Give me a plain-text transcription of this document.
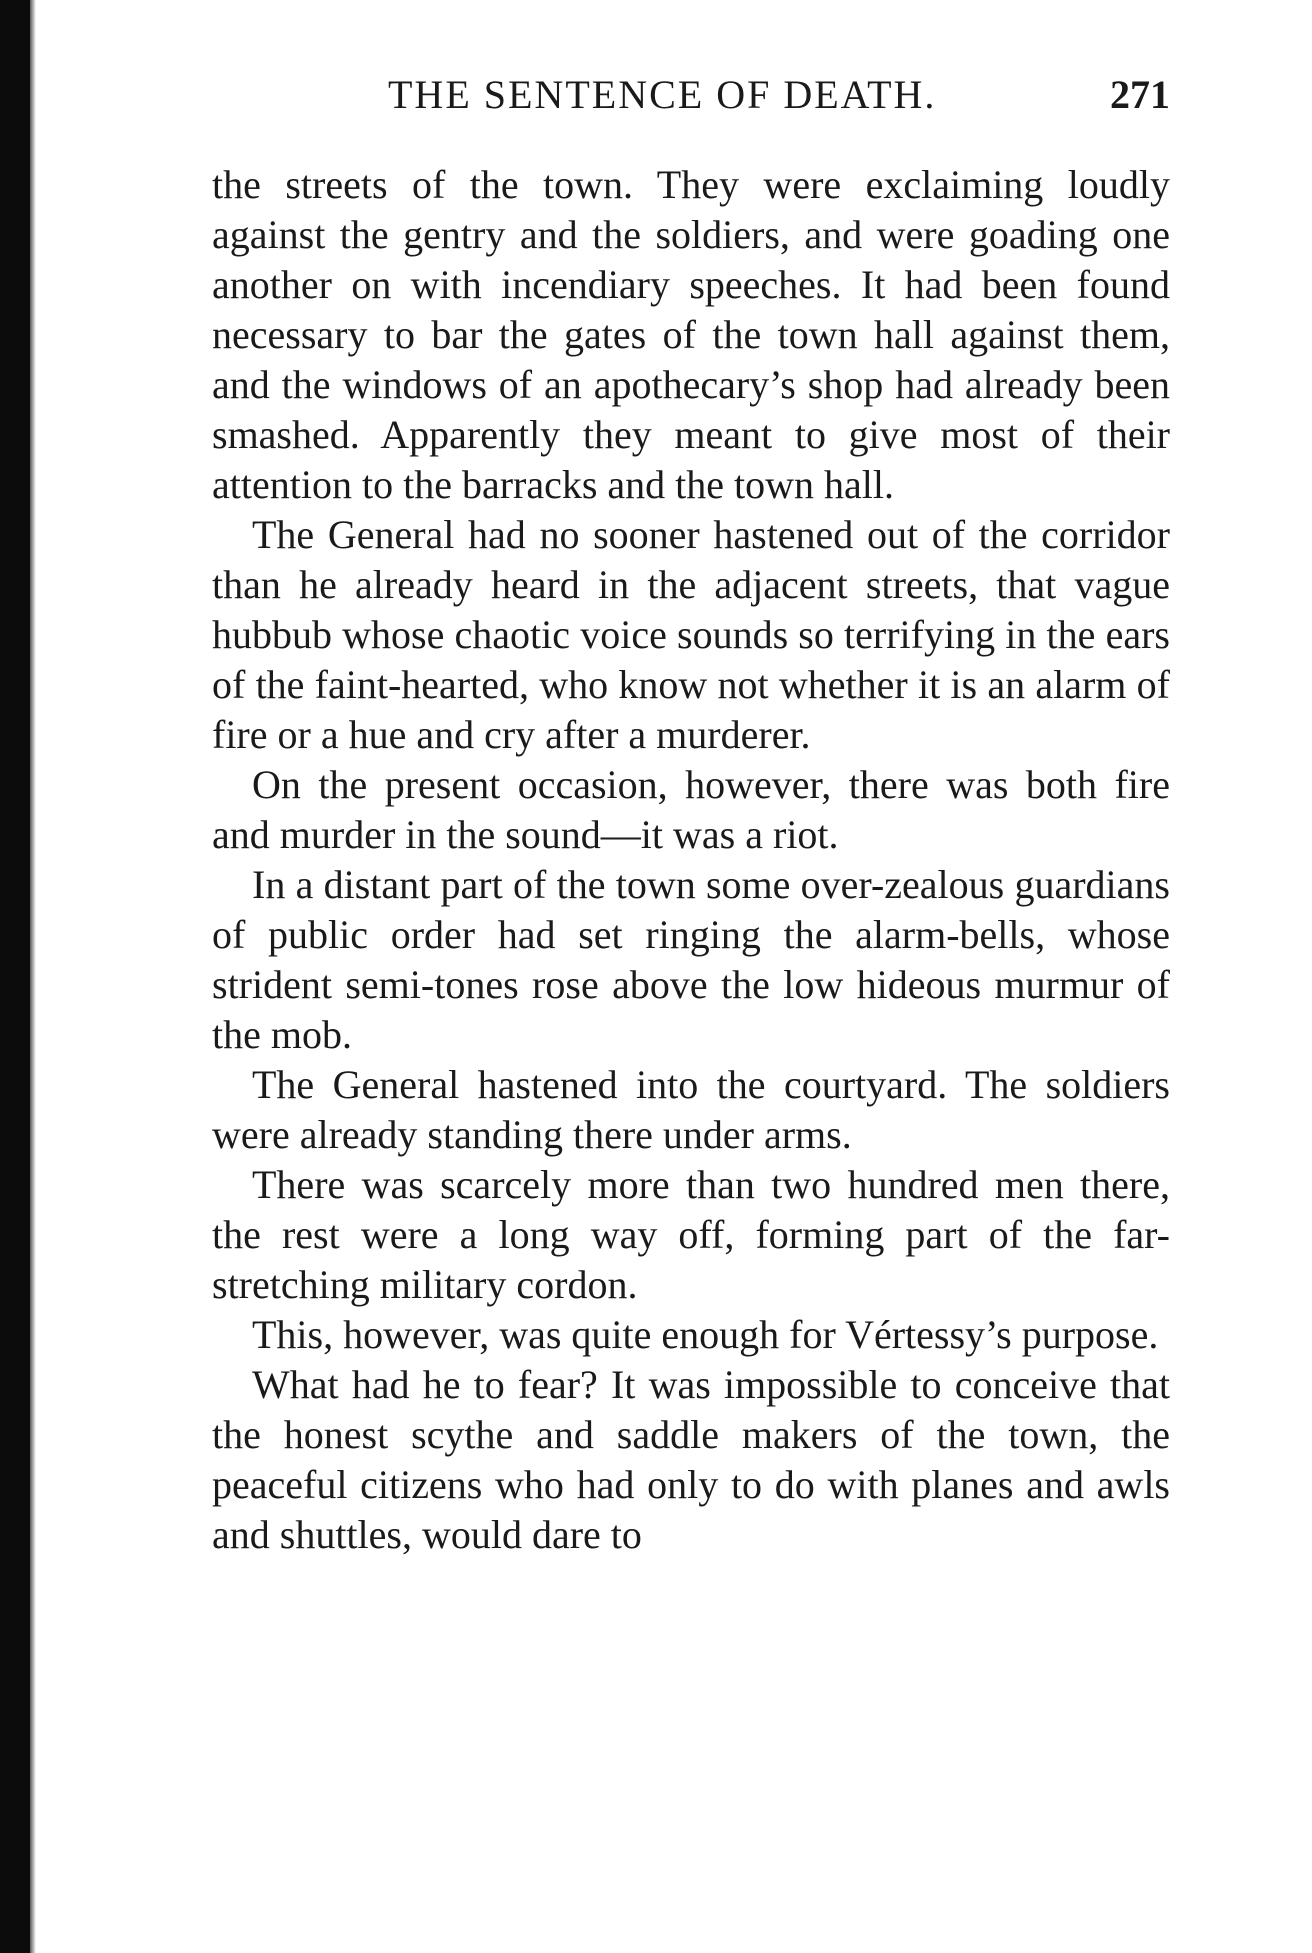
THE SENTENCE OF DEATH.	271

the streets of the town. They were exclaiming loudly against the gentry and the soldiers, and were goading one another on with incendiary speeches. It had been found necessary to bar the gates of the town hall against them, and the windows of an apothecary’s shop had already been smashed. Apparently they meant to give most of their attention to the barracks and the town hall.

The General had no sooner hastened out of the corridor than he already heard in the adjacent streets, that vague hubbub whose chaotic voice sounds so terrifying in the ears of the faint-hearted, who know not whether it is an alarm of fire or a hue and cry after a murderer.

On the present occasion, however, there was both fire and murder in the sound—it was a riot.

In a distant part of the town some over-zealous guardians of public order had set ringing the alarm-bells, whose strident semi-tones rose above the low hideous murmur of the mob.

The General hastened into the courtyard. The soldiers were already standing there under arms.

There was scarcely more than two hundred men there, the rest were a long way off, forming part of the far-stretching military cordon.

This, however, was quite enough for Vértessy’s purpose.

What had he to fear? It was impossible to conceive that the honest scythe and saddle makers of the town, the peaceful citizens who had only to do with planes and awls and shuttles, would dare to
